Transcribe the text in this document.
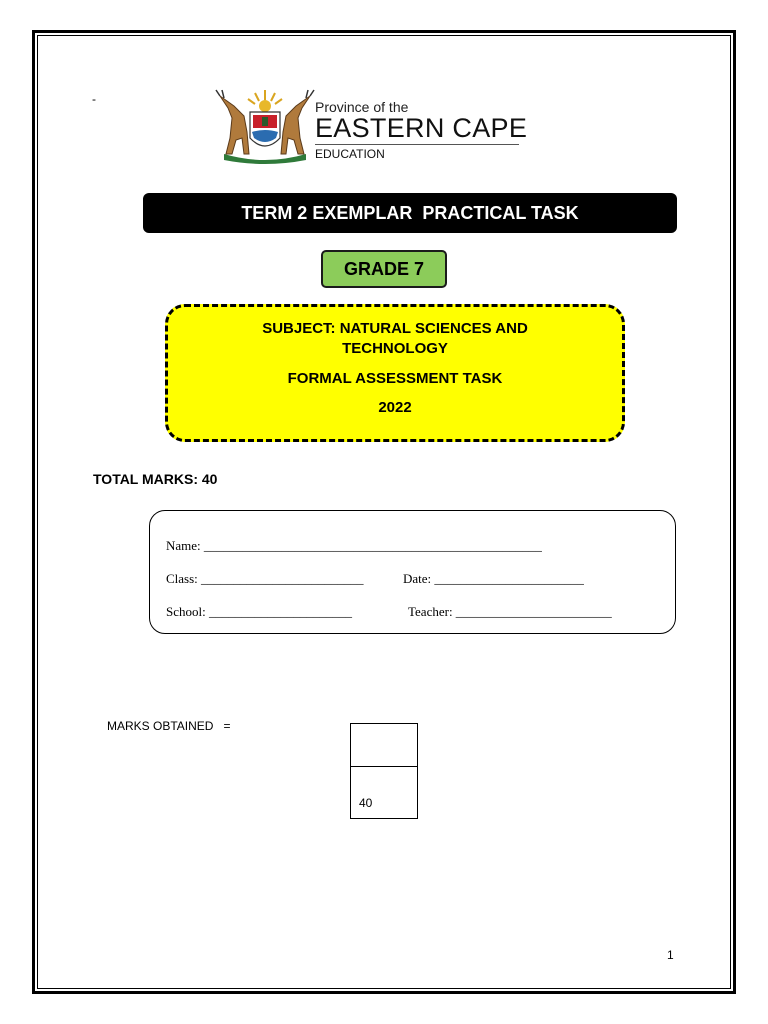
-	Province of the
EASTERN CAPE
EDUCATION
TERM 2 EXEMPLAR  PRACTICAL TASK
GRADE 7
SUBJECT: NATURAL SCIENCES AND TECHNOLOGY
FORMAL ASSESSMENT TASK
2022
TOTAL MARKS: 40
Name: ____________________________________________________
Class: _________________________	Date: _______________________
School: ______________________	Teacher: ________________________
MARKS OBTAINED   =
40
1
